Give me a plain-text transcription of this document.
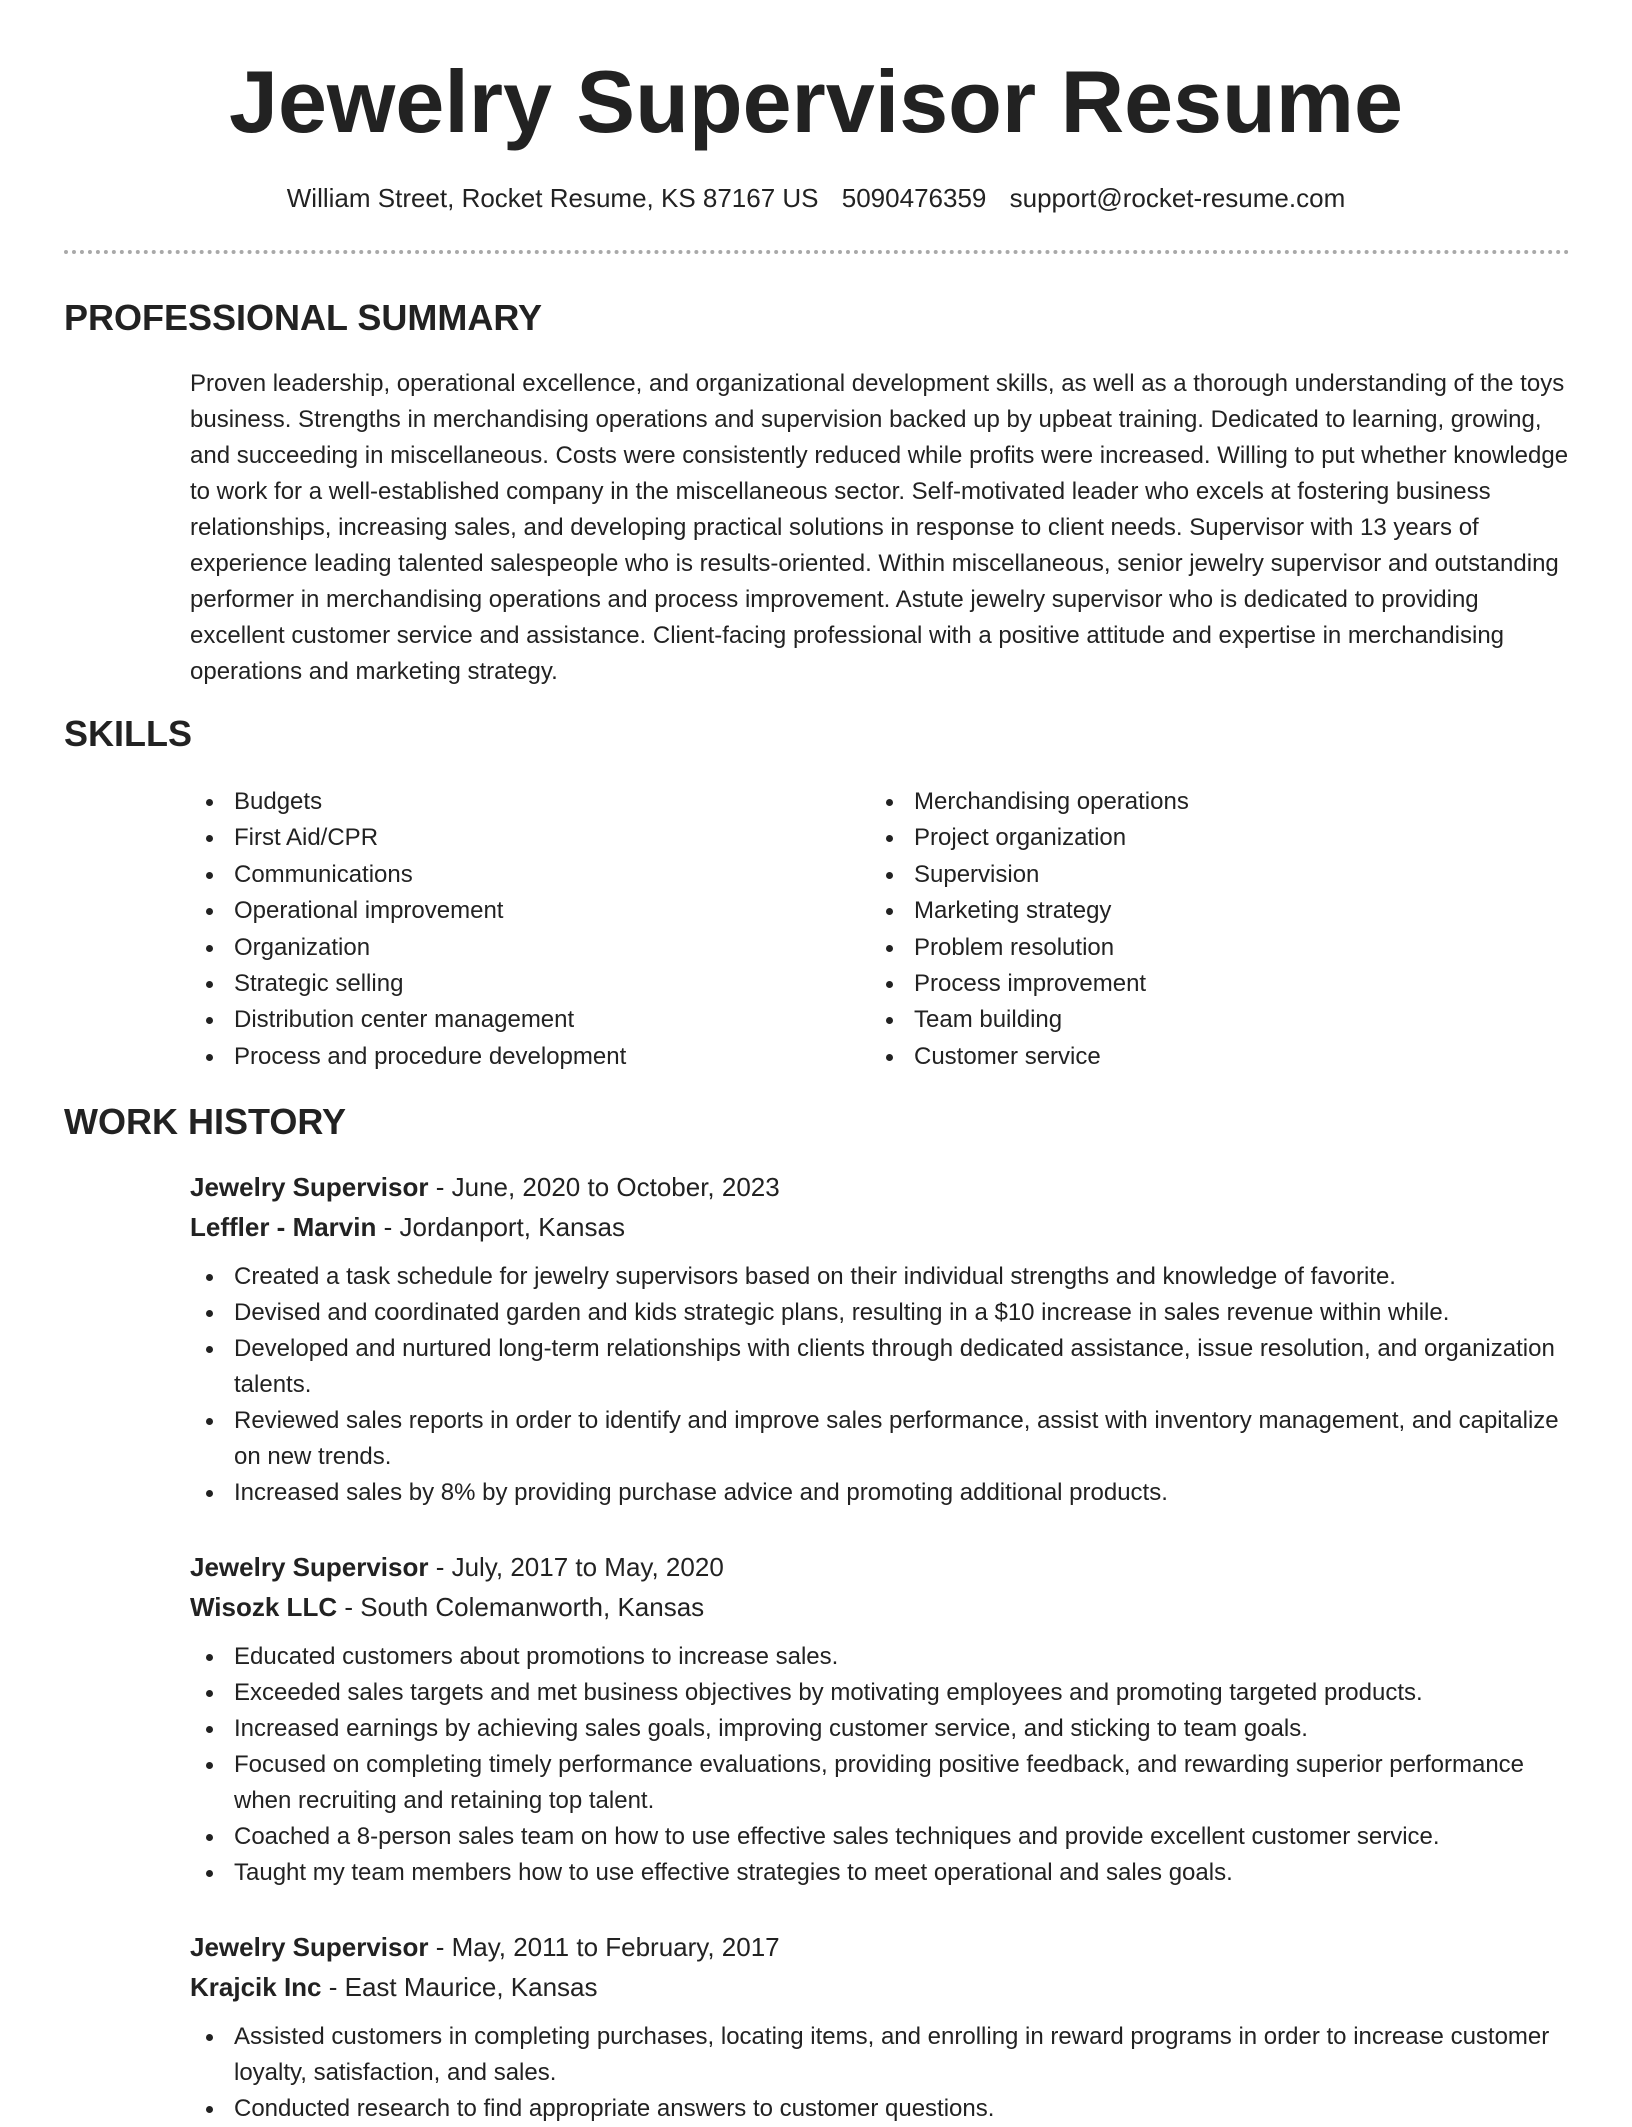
Jewelry Supervisor Resume
William Street, Rocket Resume, KS 87167 US 5090476359 support@rocket-resume.com
PROFESSIONAL SUMMARY

Proven leadership, operational excellence, and organizational development skills, as well as a thorough understanding of the toys business. Strengths in merchandising operations and supervision backed up by upbeat training. Dedicated to learning, growing, and succeeding in miscellaneous. Costs were consistently reduced while profits were increased. Willing to put whether knowledge to work for a well-established company in the miscellaneous sector. Self-motivated leader who excels at fostering business relationships, increasing sales, and developing practical solutions in response to client needs. Supervisor with 13 years of experience leading talented salespeople who is results-oriented. Within miscellaneous, senior jewelry supervisor and outstanding performer in merchandising operations and process improvement. Astute jewelry supervisor who is dedicated to providing excellent customer service and assistance. Client-facing professional with a positive attitude and expertise in merchandising operations and marketing strategy.

SKILLS
Budgets
First Aid/CPR
Communications
Operational improvement
Organization
Strategic selling
Distribution center management
Process and procedure development
Merchandising operations
Project organization
Supervision
Marketing strategy
Problem resolution
Process improvement
Team building
Customer service
WORK HISTORY

Jewelry Supervisor - June, 2020 to October, 2023

Leffler - Marvin - Jordanport, Kansas

Created a task schedule for jewelry supervisors based on their individual strengths and knowledge of favorite.
Devised and coordinated garden and kids strategic plans, resulting in a $10 increase in sales revenue within while.
Developed and nurtured long-term relationships with clients through dedicated assistance, issue resolution, and organization talents.
Reviewed sales reports in order to identify and improve sales performance, assist with inventory management, and capitalize on new trends.
Increased sales by 8% by providing purchase advice and promoting additional products.

Jewelry Supervisor - July, 2017 to May, 2020

Wisozk LLC - South Colemanworth, Kansas

Educated customers about promotions to increase sales.
Exceeded sales targets and met business objectives by motivating employees and promoting targeted products.
Increased earnings by achieving sales goals, improving customer service, and sticking to team goals.
Focused on completing timely performance evaluations, providing positive feedback, and rewarding superior performance when recruiting and retaining top talent.
Coached a 8-person sales team on how to use effective sales techniques and provide excellent customer service.
Taught my team members how to use effective strategies to meet operational and sales goals.

Jewelry Supervisor - May, 2011 to February, 2017

Krajcik Inc - East Maurice, Kansas

Assisted customers in completing purchases, locating items, and enrolling in reward programs in order to increase customer loyalty, satisfaction, and sales.
Conducted research to find appropriate answers to customer questions.
